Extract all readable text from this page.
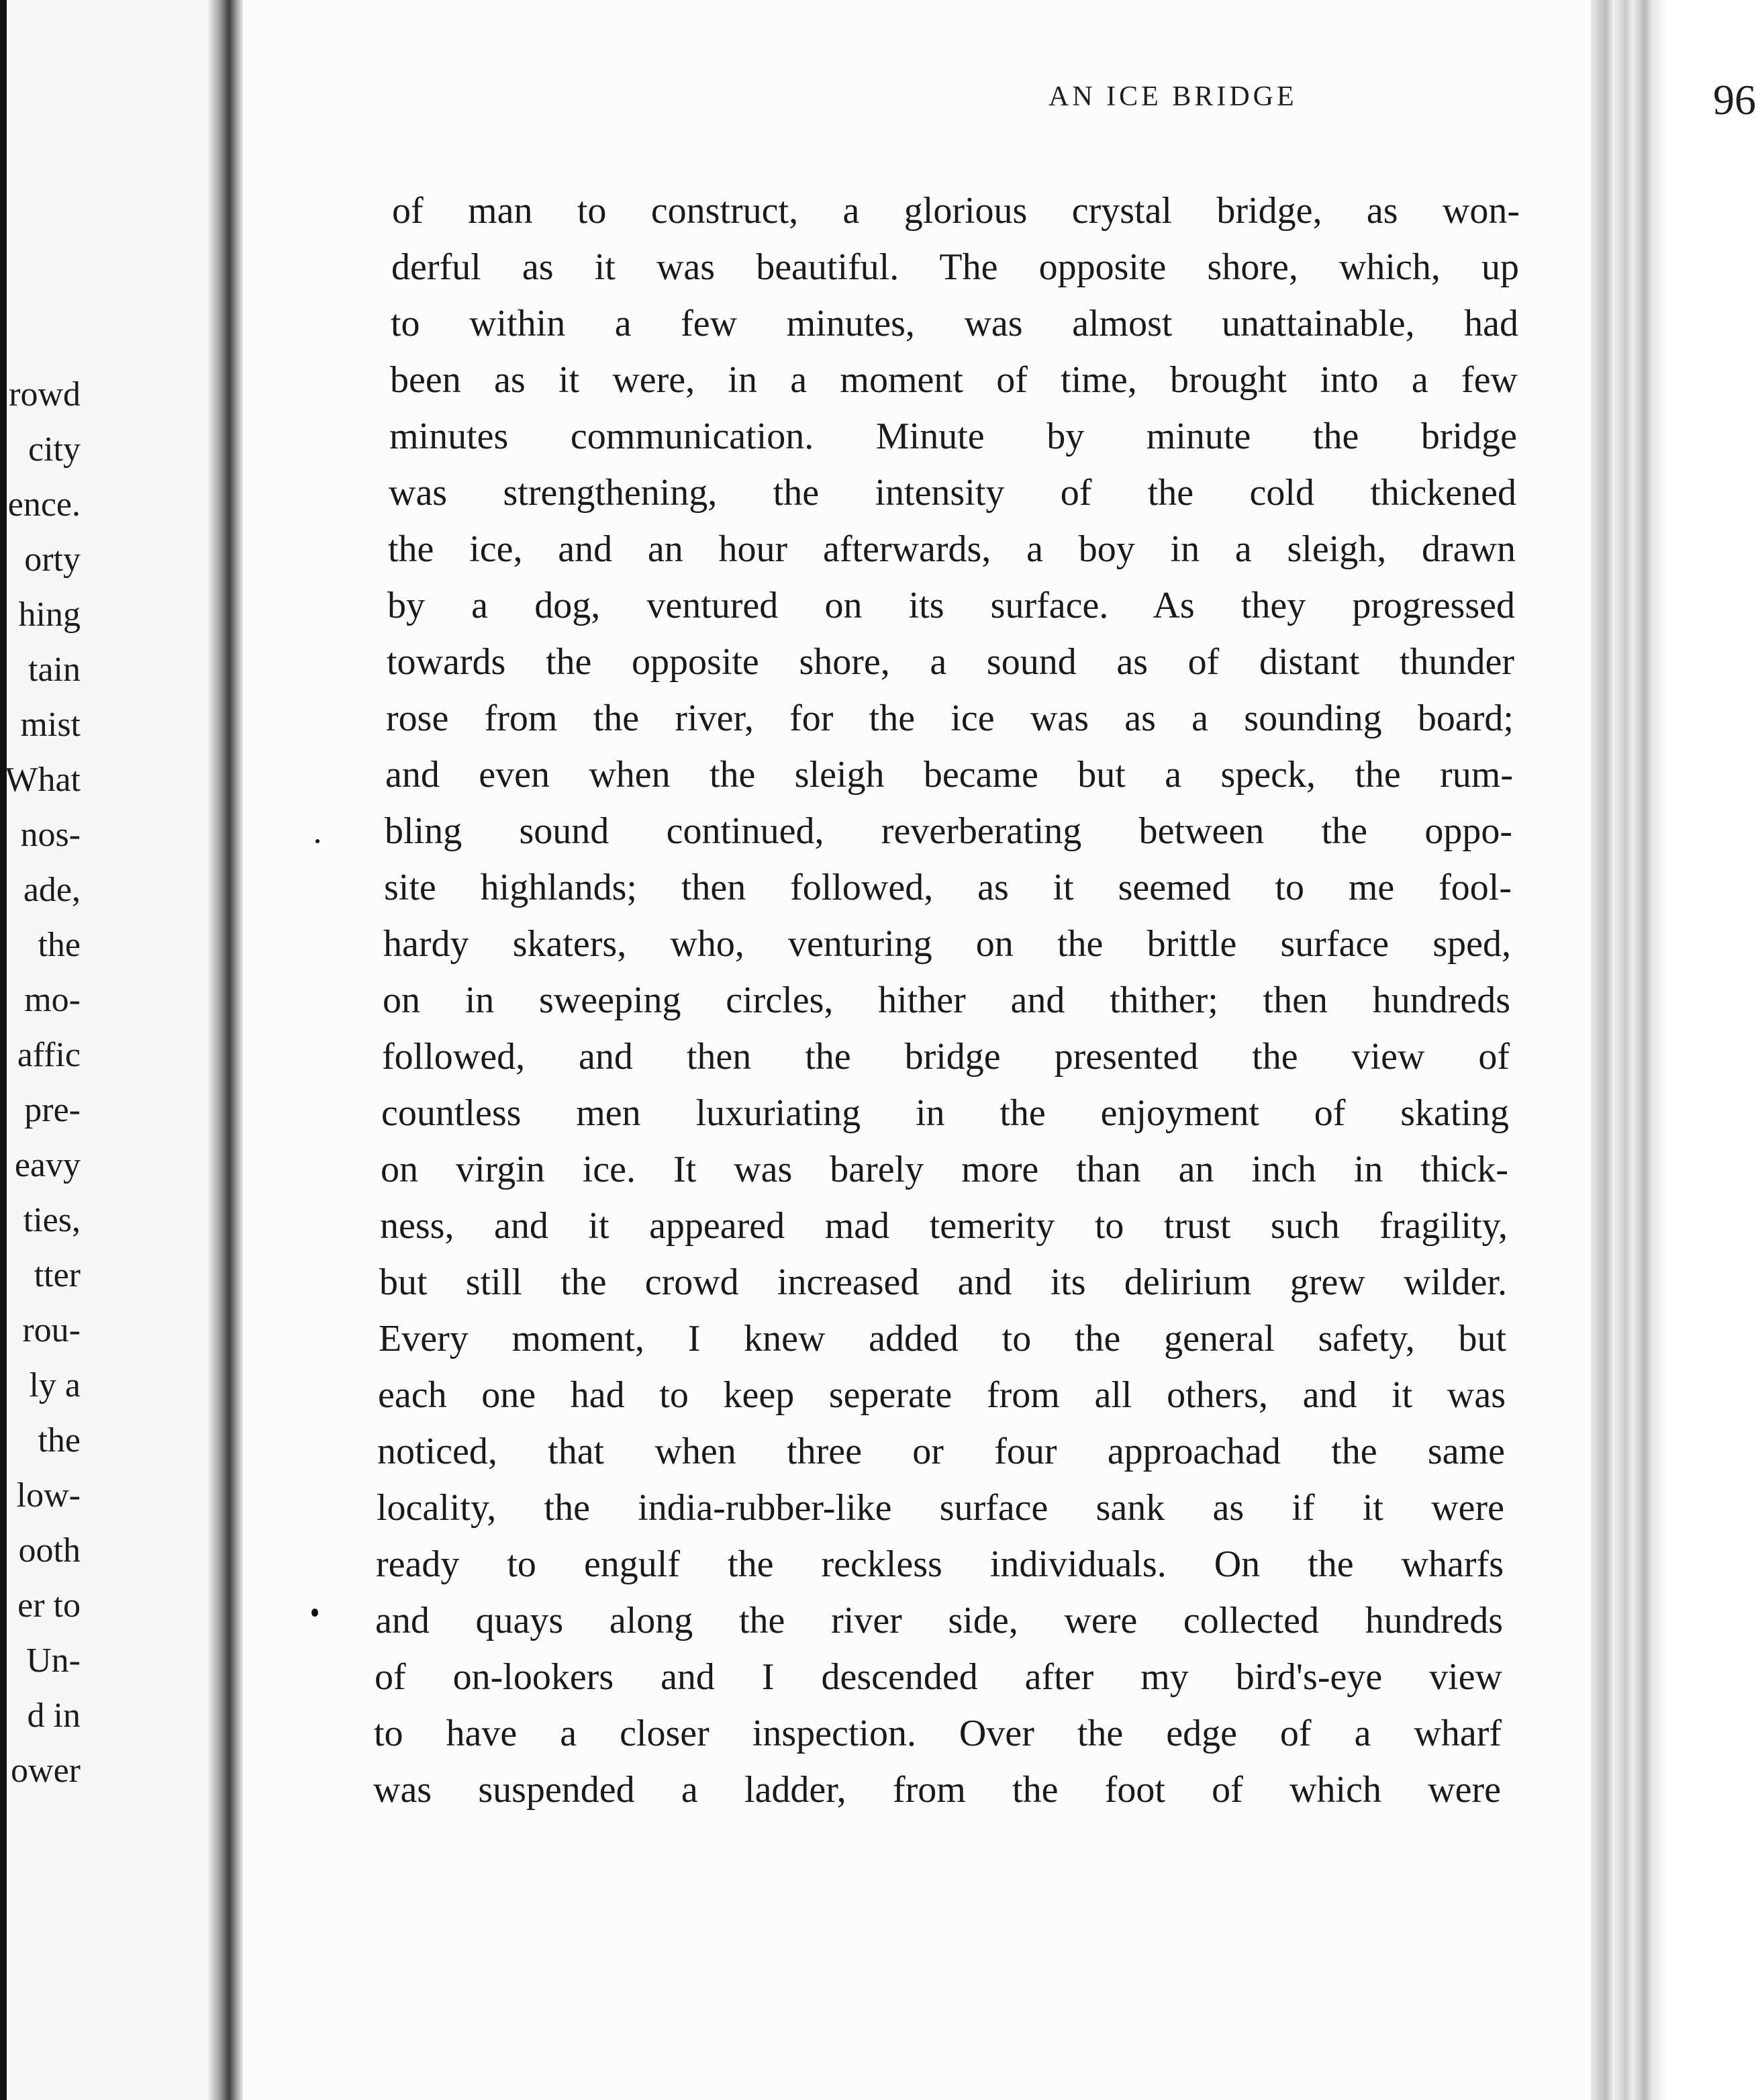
rowd
city
ence.
orty
hing
tain
mist
What
nos-
ade,
the
mo-
affic
pre-
eavy
ties,
tter
rou-
ly a
the
low-
ooth
er to
Un-
d in
ower
AN ICE BRIDGE	96
of man to construct, a glorious crystal bridge, as won-
derful as it was beautiful. The opposite shore, which, up
to within a few minutes, was almost unattainable, had
been as it were, in a moment of time, brought into a few
minutes communication. Minute by minute the bridge
was strengthening, the intensity of the cold thickened
the ice, and an hour afterwards, a boy in a sleigh, drawn
by a dog, ventured on its surface. As they progressed
towards the opposite shore, a sound as of distant thunder
rose from the river, for the ice was as a sounding board;
and even when the sleigh became but a speck, the rum-
bling sound continued, reverberating between the oppo-
site highlands; then followed, as it seemed to me fool-
hardy skaters, who, venturing on the brittle surface sped,
on in sweeping circles, hither and thither; then hundreds
followed, and then the bridge presented the view of
countless men luxuriating in the enjoyment of skating
on virgin ice. It was barely more than an inch in thick-
ness, and it appeared mad temerity to trust such fragility,
but still the crowd increased and its delirium grew wilder.
Every moment, I knew added to the general safety, but
each one had to keep seperate from all others, and it was
noticed, that when three or four approachad the same
locality, the india-rubber-like surface sank as if it were
ready to engulf the reckless individuals. On the wharfs
and quays along the river side, were collected hundreds
of on-lookers and I descended after my bird's-eye view
to have a closer inspection. Over the edge of a wharf
was suspended a ladder, from the foot of which were
